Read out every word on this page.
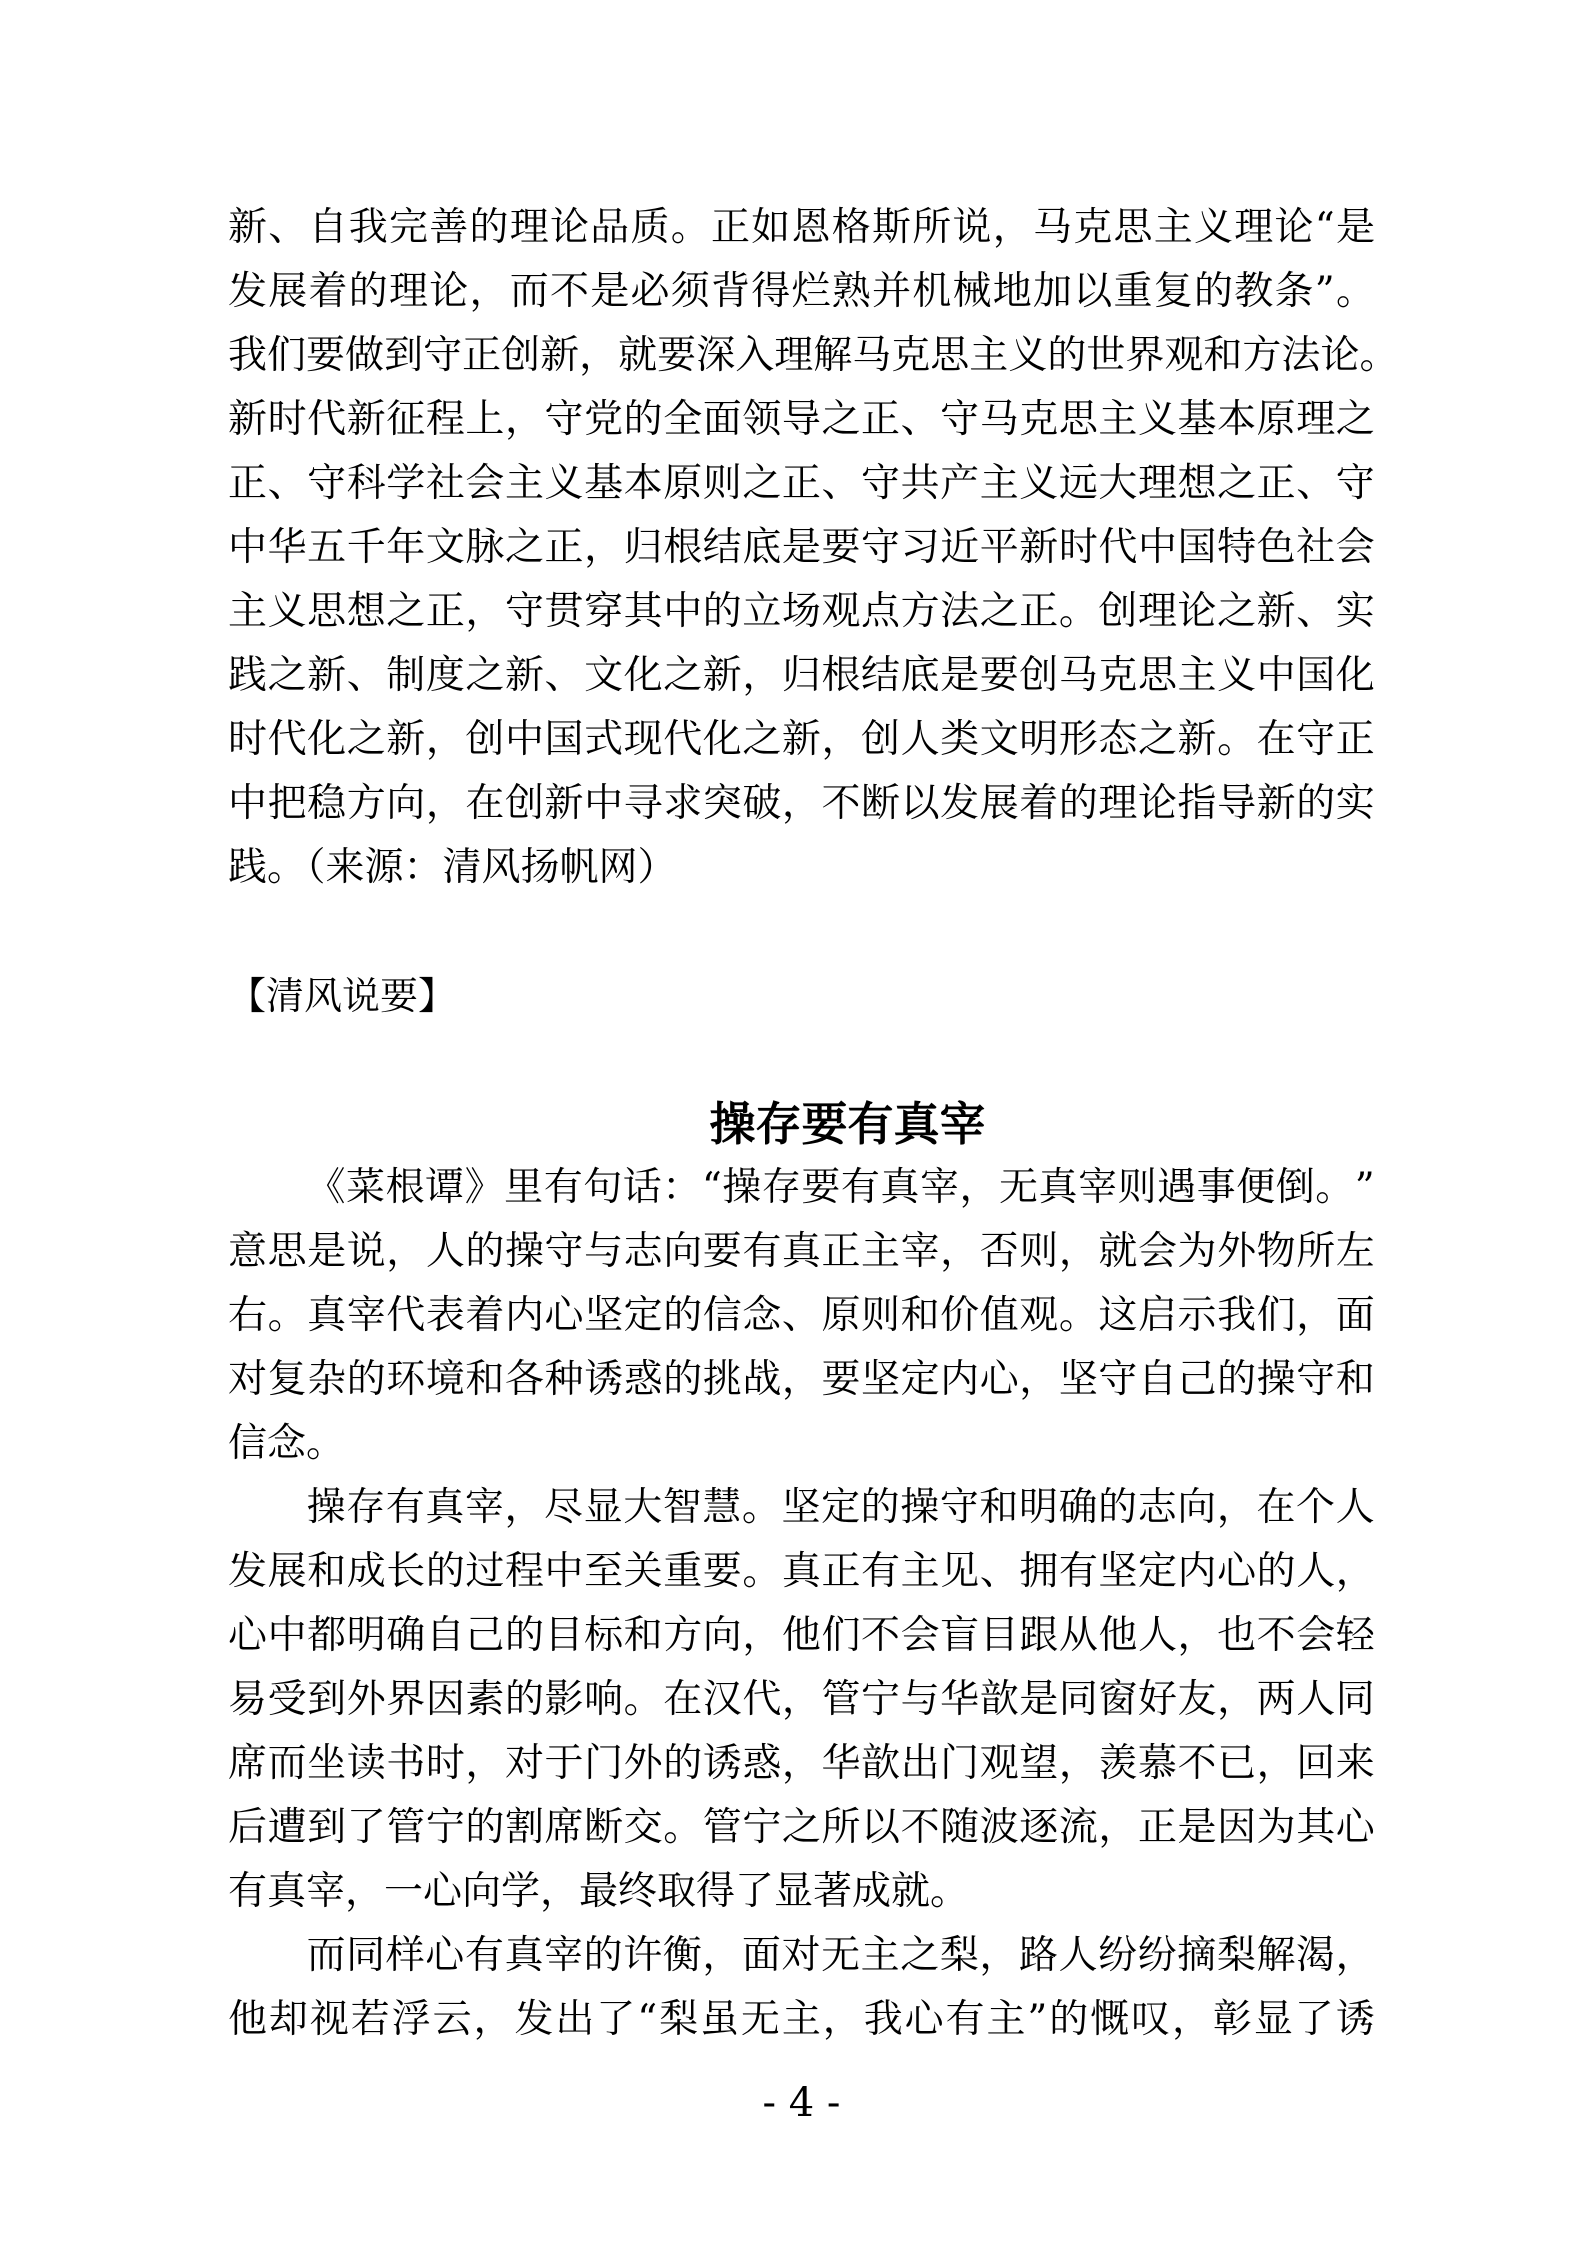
新 、 自 我 完 善 的 理 论 品 质 。 正 如 恩 格 斯 所 说 ， 马 克 思 主 义 理 论 “ 是
发 展 着 的 理 论 ， 而 不 是 必 须 背 得 烂 熟 并 机 械 地 加 以 重 复 的 教 条 ” 。
我 们 要 做 到 守 正 创 新 ， 就 要 深 入 理 解 马 克 思 主 义 的 世 界 观 和 方 法 论 。
新 时 代 新 征 程 上 ， 守 党 的 全 面 领 导 之 正 、 守 马 克 思 主 义 基 本 原 理 之
正 、 守 科 学 社 会 主 义 基 本 原 则 之 正 、 守 共 产 主 义 远 大 理 想 之 正 、 守
中 华 五 千 年 文 脉 之 正 ， 归 根 结 底 是 要 守 习 近 平 新 时 代 中 国 特 色 社 会
主 义 思 想 之 正 ， 守 贯 穿 其 中 的 立 场 观 点 方 法 之 正 。 创 理 论 之 新 、 实
践 之 新 、 制 度 之 新 、 文 化 之 新 ， 归 根 结 底 是 要 创 马 克 思 主 义 中 国 化
时 代 化 之 新 ， 创 中 国 式 现 代 化 之 新 ， 创 人 类 文 明 形 态 之 新 。 在 守 正
中 把 稳 方 向 ， 在 创 新 中 寻 求 突 破 ， 不 断 以 发 展 着 的 理 论 指 导 新 的 实
践。（来源：清风扬帆网）
【清风说要】
操存要有真宰
《 菜 根 谭 》 里 有 句 话 ： “ 操 存 要 有 真 宰 ， 无 真 宰 则 遇 事 便 倒 。 ”
意 思 是 说 ， 人 的 操 守 与 志 向 要 有 真 正 主 宰 ， 否 则 ， 就 会 为 外 物 所 左
右 。 真 宰 代 表 着 内 心 坚 定 的 信 念 、 原 则 和 价 值 观 。 这 启 示 我 们 ， 面
对 复 杂 的 环 境 和 各 种 诱 惑 的 挑 战 ， 要 坚 定 内 心 ， 坚 守 自 己 的 操 守 和
信念。
操 存 有 真 宰 ， 尽 显 大 智 慧 。 坚 定 的 操 守 和 明 确 的 志 向 ， 在 个 人
发 展 和 成 长 的 过 程 中 至 关 重 要 。 真 正 有 主 见 、 拥 有 坚 定 内 心 的 人 ，
心 中 都 明 确 自 己 的 目 标 和 方 向 ， 他 们 不 会 盲 目 跟 从 他 人 ， 也 不 会 轻
易 受 到 外 界 因 素 的 影 响 。 在 汉 代 ， 管 宁 与 华 歆 是 同 窗 好 友 ， 两 人 同
席 而 坐 读 书 时 ， 对 于 门 外 的 诱 惑 ， 华 歆 出 门 观 望 ， 羡 慕 不 已 ， 回 来
后 遭 到 了 管 宁 的 割 席 断 交 。 管 宁 之 所 以 不 随 波 逐 流 ， 正 是 因 为 其 心
有真宰，一心向学，最终取得了显著成就。
而 同 样 心 有 真 宰 的 许 衡 ， 面 对 无 主 之 梨 ， 路 人 纷 纷 摘 梨 解 渴 ，
他 却 视 若 浮 云 ， 发 出 了 “ 梨 虽 无 主 ， 我 心 有 主 ” 的 慨 叹 ， 彰 显 了 诱
- 4 -
